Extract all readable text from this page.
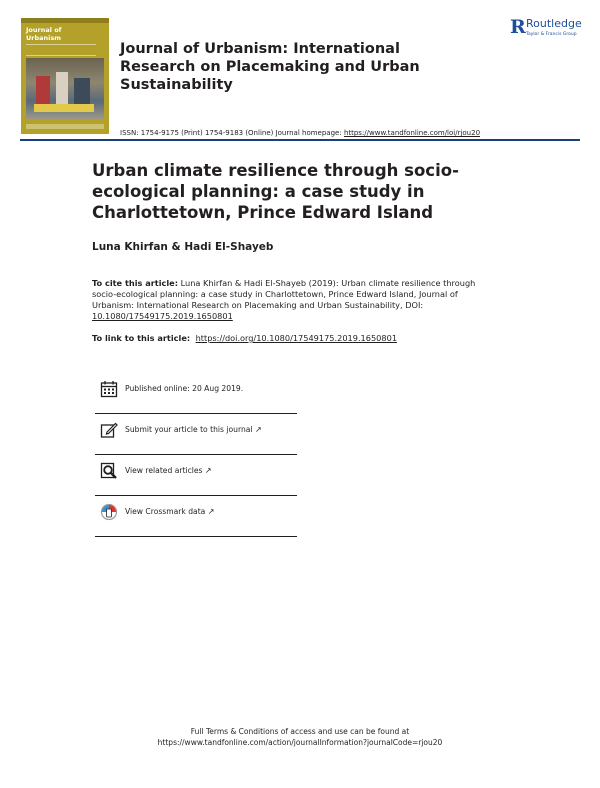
Journal of
Urbanism
Journal of Urbanism: International Research on Placemaking and Urban Sustainability
R Routledge
Taylor & Francis Group
ISSN: 1754-9175 (Print) 1754-9183 (Online) Journal homepage: https://www.tandfonline.com/loi/rjou20
Urban climate resilience through socio-ecological planning: a case study in Charlottetown, Prince Edward Island
Luna Khirfan & Hadi El-Shayeb
To cite this article: Luna Khirfan & Hadi El-Shayeb (2019): Urban climate resilience through socio-ecological planning: a case study in Charlottetown, Prince Edward Island, Journal of Urbanism: International Research on Placemaking and Urban Sustainability, DOI: 10.1080/17549175.2019.1650801
To link to this article:  https://doi.org/10.1080/17549175.2019.1650801
Published online: 20 Aug 2019.
Submit your article to this journal ↗
View related articles ↗
View Crossmark data ↗
Full Terms & Conditions of access and use can be found at
https://www.tandfonline.com/action/journalInformation?journalCode=rjou20
